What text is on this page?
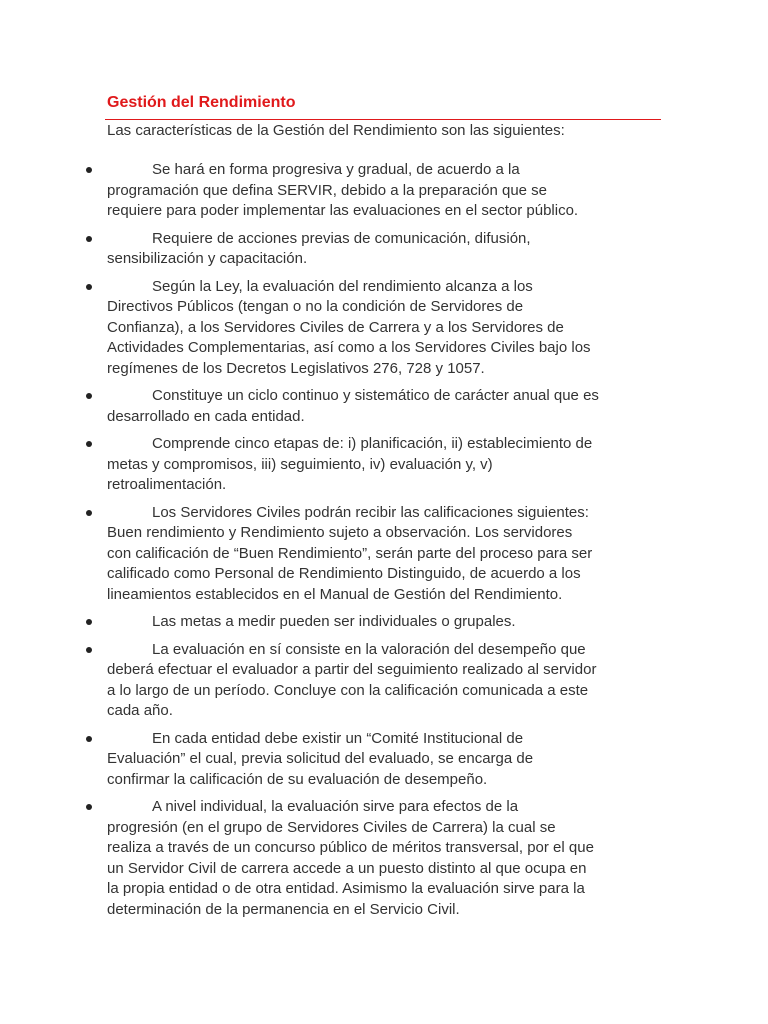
Gestión del Rendimiento

Las características de la Gestión del Rendimiento son las siguientes:

Se hará en forma progresiva y gradual, de acuerdo a la
programación que defina SERVIR, debido a la preparación que se
requiere para poder implementar las evaluaciones en el sector público.
Requiere de acciones previas de comunicación, difusión,
sensibilización y capacitación.
Según la Ley, la evaluación del rendimiento alcanza a los
Directivos Públicos (tengan o no la condición de Servidores de
Confianza), a los Servidores Civiles de Carrera y a los Servidores de
Actividades Complementarias, así como a los Servidores Civiles bajo los
regímenes de los Decretos Legislativos 276, 728 y 1057.
Constituye un ciclo continuo y sistemático de carácter anual que es
desarrollado en cada entidad.
Comprende cinco etapas de: i) planificación, ii) establecimiento de
metas y compromisos, iii) seguimiento, iv) evaluación y, v)
retroalimentación.
Los Servidores Civiles podrán recibir las calificaciones siguientes:
Buen rendimiento y Rendimiento sujeto a observación. Los servidores
con calificación de “Buen Rendimiento”, serán parte del proceso para ser
calificado como Personal de Rendimiento Distinguido, de acuerdo a los
lineamientos establecidos en el Manual de Gestión del Rendimiento.
Las metas a medir pueden ser individuales o grupales.
La evaluación en sí consiste en la valoración del desempeño que
deberá efectuar el evaluador a partir del seguimiento realizado al servidor
a lo largo de un período. Concluye con la calificación comunicada a este
cada año.
En cada entidad debe existir un “Comité Institucional de
Evaluación” el cual, previa solicitud del evaluado, se encarga de
confirmar la calificación de su evaluación de desempeño.
A nivel individual, la evaluación sirve para efectos de la
progresión (en el grupo de Servidores Civiles de Carrera) la cual se
realiza a través de un concurso público de méritos transversal, por el que
un Servidor Civil de carrera accede a un puesto distinto al que ocupa en
la propia entidad o de otra entidad. Asimismo la evaluación sirve para la
determinación de la permanencia en el Servicio Civil.
